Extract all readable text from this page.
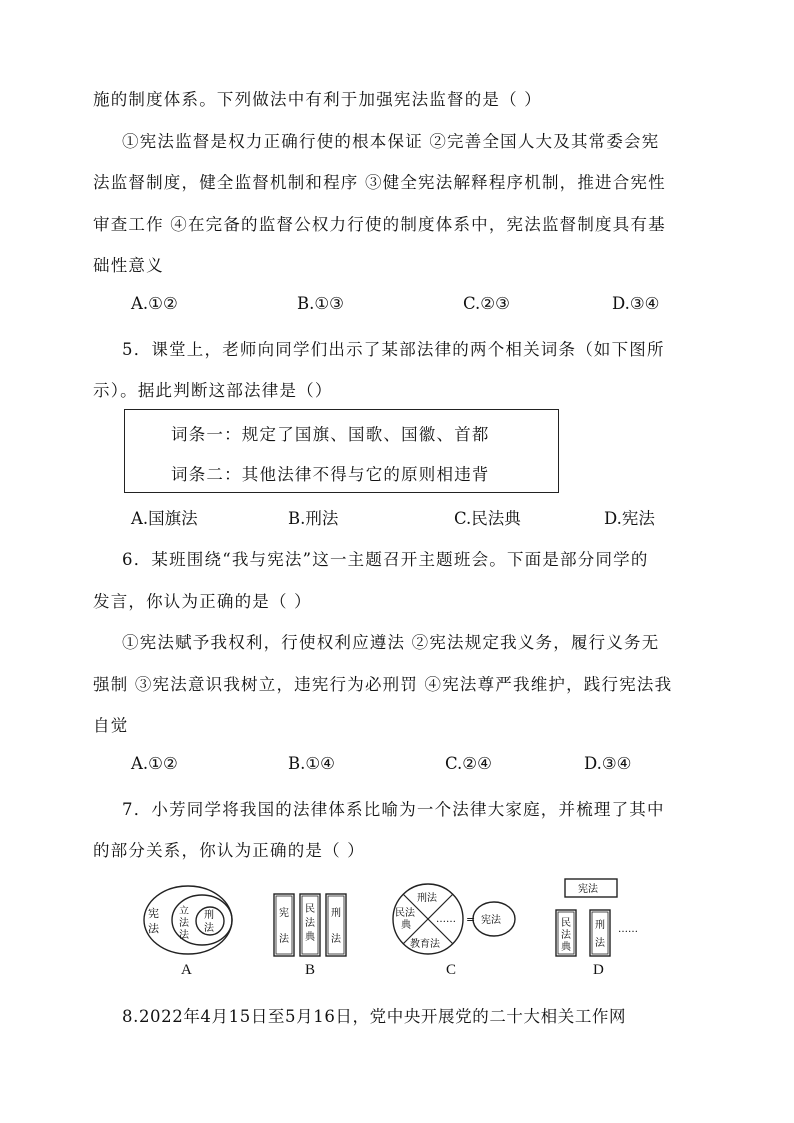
施的制度体系。下列做法中有利于加强宪法监督的是（ ）
①宪法监督是权力正确行使的根本保证 ②完善全国人大及其常委会宪
法监督制度，健全监督机制和程序 ③健全宪法解释程序机制，推进合宪性
审查工作 ④在完备的监督公权力行使的制度体系中，宪法监督制度具有基
础性意义
A.①②	B.①③	C.②③	D.③④
5．课堂上，老师向同学们出示了某部法律的两个相关词条（如下图所
示）。据此判断这部法律是（）
词条一：规定了国旗、国歌、国徽、首都
词条二：其他法律不得与它的原则相违背
A.国旗法	B.刑法	C.民法典	D.宪法
6．某班围绕“我与宪法”这一主题召开主题班会。下面是部分同学的
发言，你认为正确的是（ ）
①宪法赋予我权利，行使权利应遵法 ②宪法规定我义务，履行义务无
强制 ③宪法意识我树立，违宪行为必刑罚 ④宪法尊严我维护，践行宪法我
自觉
A.①②	B.①④	C.②④	D.③④
7．小芳同学将我国的法律体系比喻为一个法律大家庭，并梳理了其中
的部分关系，你认为正确的是（ ）
宪
法
立
法
法
刑
法
A
宪
法
民
法
典
刑
法
B
刑法
民法
典
教育法
…… = 宪法
C
宪法
民
法
典
刑
法
……
D
8.2022年4月15日至5月16日，党中央开展党的二十大相关工作网
